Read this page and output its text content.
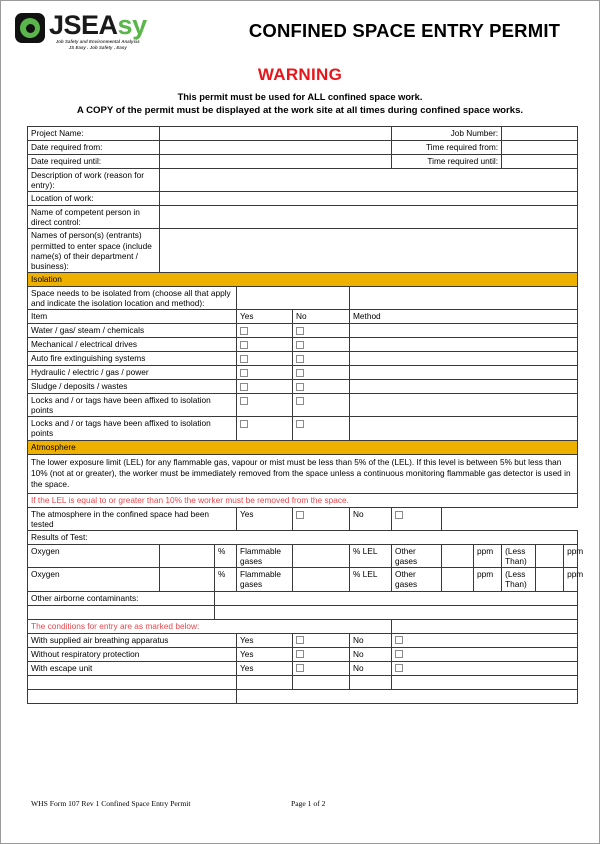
JSEAsy
Job Safety and Environmental Analysis
JS Easy . Job Safety . Easy
CONFINED SPACE ENTRY PERMIT
WARNING
This permit must be used for ALL confined space work.
A COPY of the permit must be displayed at the work site at all times during confined space works.
Project Name:						Job Number:					
Date required from:						Time required from:					
Date required until:						Time required until:					
Description of work (reason for entry):											
Location of work:											
Name of competent person in direct control:											
Names of person(s) (entrants) permitted to enter space (include name(s) of their department / business):											
Isolation											
Space needs to be isolated from (choose all that apply and indicate the isolation location and method):											
Item			Yes	No	Method						
Water / gas/ steam / chemicals											
Mechanical / electrical drives											
Auto fire extinguishing systems											
Hydraulic / electric / gas / power											
Sludge / deposits / wastes											
Locks and / or tags have been affixed to isolation points											
Locks and / or tags have been affixed to isolation points											
Atmosphere											
The lower exposure limit (LEL) for any flammable gas, vapour or mist must be less than 5% of the (LEL). If this level is between 5% but less than 10% (not at or greater), the worker must be immediately removed from the space unless a continuous monitoring flammable gas detector is used in the space.											
If the LEL is equal to or greater than 10% the worker must be removed from the space.											
The atmosphere in the confined space had been tested			Yes		No						
Results of Test:											
Oxygen		%	Flammable gases		% LEL	Other gases		ppm	(Less Than)		ppm
Oxygen		%	Flammable gases		% LEL	Other gases		ppm	(Less Than)		ppm
Other airborne contaminants:											

The conditions for entry are as marked below:											
With supplied air breathing apparatus			Yes		No						
Without respiratory protection			Yes		No						
With escape unit			Yes		No						

WHS Form 107 Rev 1 Confined Space Entry Permit	Page 1 of 2
